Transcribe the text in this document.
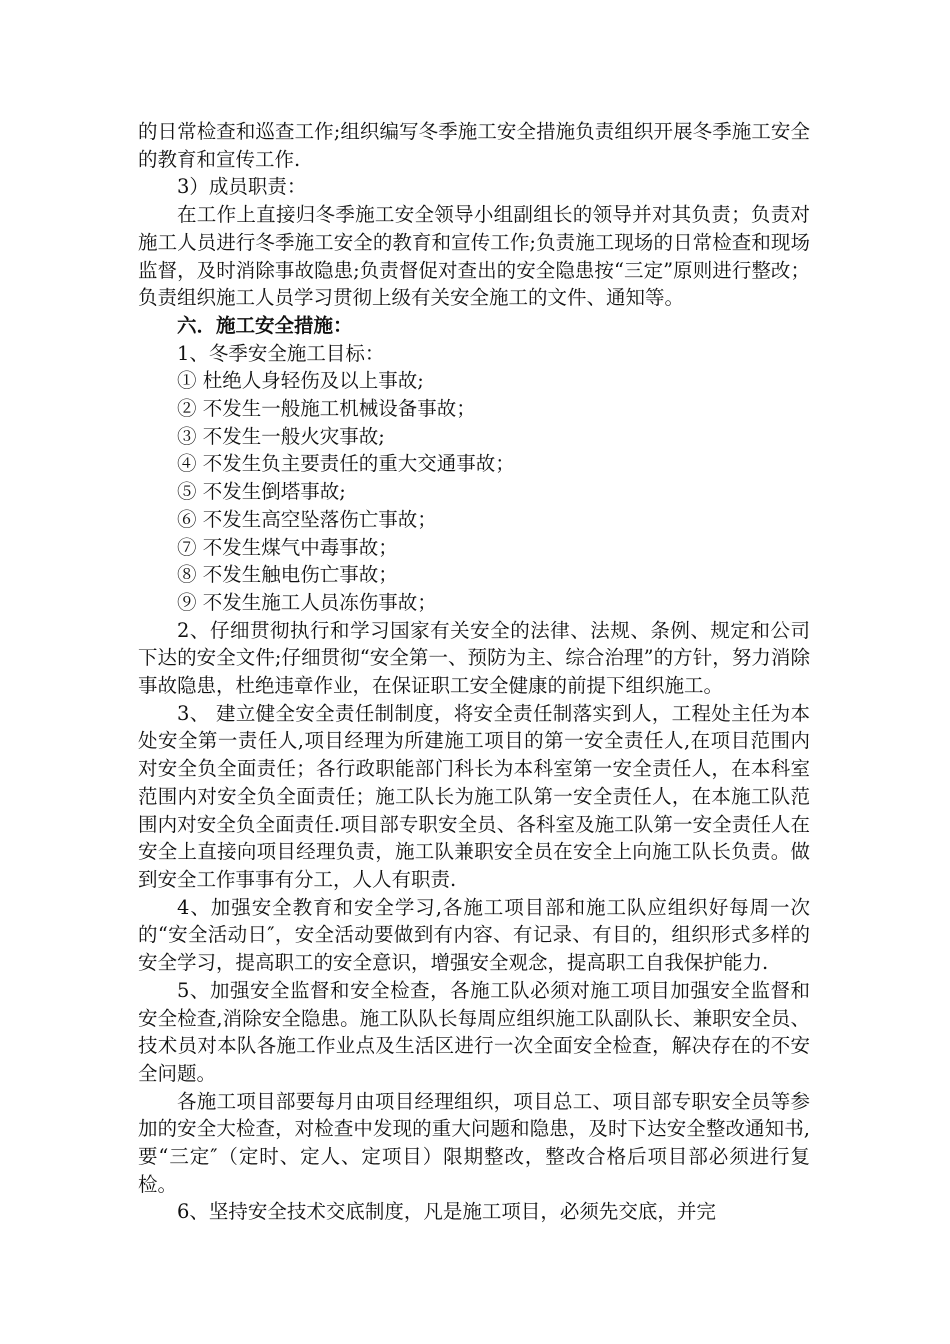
的日常检查和巡查工作;组织编写冬季施工安全措施负责组织开展冬季施工安全的教育和宣传工作.

3）成员职责：

在工作上直接归冬季施工安全领导小组副组长的领导并对其负责；负责对施工人员进行冬季施工安全的教育和宣传工作;负责施工现场的日常检查和现场监督，及时消除事故隐患;负责督促对查出的安全隐患按“三定”原则进行整改；负责组织施工人员学习贯彻上级有关安全施工的文件、通知等。

六．施工安全措施：

1、冬季安全施工目标：

① 杜绝人身轻伤及以上事故;

② 不发生一般施工机械设备事故；

③ 不发生一般火灾事故;

④ 不发生负主要责任的重大交通事故；

⑤ 不发生倒塔事故;

⑥ 不发生高空坠落伤亡事故；

⑦ 不发生煤气中毒事故；

⑧ 不发生触电伤亡事故；

⑨ 不发生施工人员冻伤事故；

2、仔细贯彻执行和学习国家有关安全的法律、法规、条例、规定和公司下达的安全文件;仔细贯彻“安全第一、预防为主、综合治理”的方针，努力消除事故隐患，杜绝违章作业，在保证职工安全健康的前提下组织施工。

3、 建立健全安全责任制制度，将安全责任制落实到人，工程处主任为本处安全第一责任人,项目经理为所建施工项目的第一安全责任人,在项目范围内对安全负全面责任；各行政职能部门科长为本科室第一安全责任人，在本科室范围内对安全负全面责任；施工队长为施工队第一安全责任人，在本施工队范围内对安全负全面责任.项目部专职安全员、各科室及施工队第一安全责任人在安全上直接向项目经理负责，施工队兼职安全员在安全上向施工队长负责。做到安全工作事事有分工，人人有职责.

4、加强安全教育和安全学习,各施工项目部和施工队应组织好每周一次的“安全活动日″，安全活动要做到有内容、有记录、有目的，组织形式多样的安全学习，提高职工的安全意识，增强安全观念，提高职工自我保护能力.

5、加强安全监督和安全检查，各施工队必须对施工项目加强安全监督和安全检查,消除安全隐患。施工队队长每周应组织施工队副队长、兼职安全员、技术员对本队各施工作业点及生活区进行一次全面安全检查，解决存在的不安全问题。

各施工项目部要每月由项目经理组织，项目总工、项目部专职安全员等参加的安全大检查，对检查中发现的重大问题和隐患，及时下达安全整改通知书,要“三定″（定时、定人、定项目）限期整改，整改合格后项目部必须进行复检。

6、坚持安全技术交底制度，凡是施工项目，必须先交底，并完
